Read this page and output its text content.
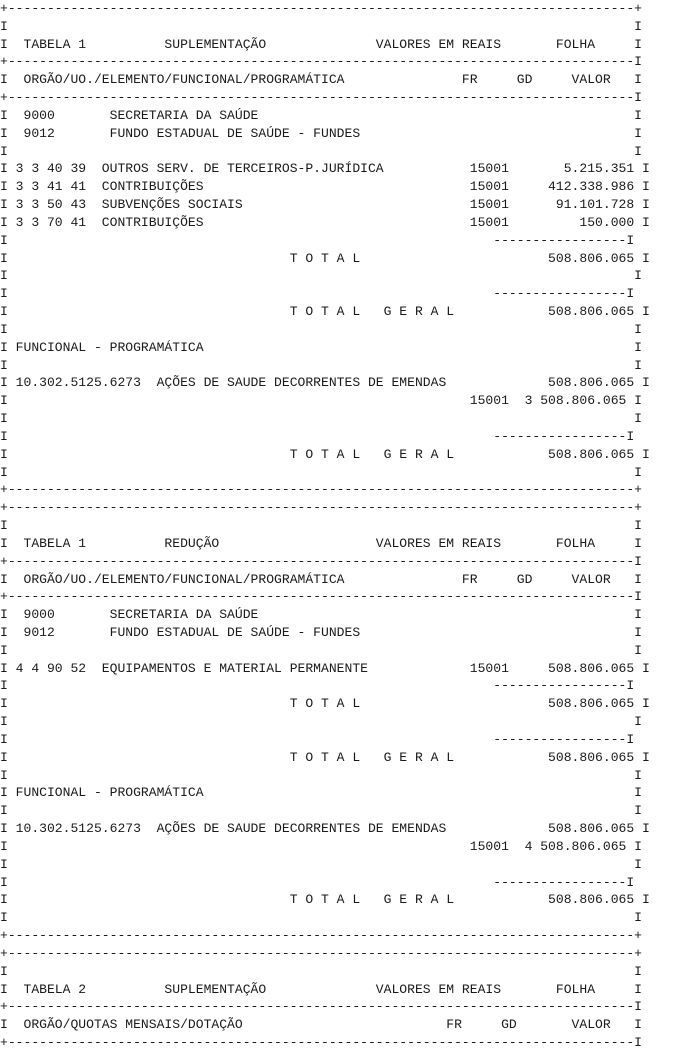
+--------------------------------------------------------------------------------+
I                                                                                I
I  TABELA 1          SUPLEMENTAÇÃO              VALORES EM REAIS       FOLHA     I
+--------------------------------------------------------------------------------I
I  ORGÃO/UO./ELEMENTO/FUNCIONAL/PROGRAMÁTICA               FR     GD     VALOR   I
+--------------------------------------------------------------------------------I
I  9000       SECRETARIA DA SAÚDE                                                I
I  9012       FUNDO ESTADUAL DE SAÚDE - FUNDES                                   I
I                                                                                I
I 3 3 40 39  OUTROS SERV. DE TERCEIROS-P.JURÍDICA           15001       5.215.351 I
I 3 3 41 41  CONTRIBUIÇÕES                                  15001     412.338.986 I
I 3 3 50 43  SUBVENÇÕES SOCIAIS                             15001      91.101.728 I
I 3 3 70 41  CONTRIBUIÇÕES                                  15001         150.000 I
I                                                              -----------------I
I                                    T O T A L                        508.806.065 I
I                                                                                I
I                                                              -----------------I
I                                    T O T A L   G E R A L            508.806.065 I
I                                                                                I
I FUNCIONAL - PROGRAMÁTICA                                                       I
I                                                                                I
I 10.302.5125.6273  AÇÕES DE SAUDE DECORRENTES DE EMENDAS             508.806.065 I
I                                                           15001  3 508.806.065 I
I                                                                                I
I                                                              -----------------I
I                                    T O T A L   G E R A L            508.806.065 I
I                                                                                I
+--------------------------------------------------------------------------------+
+--------------------------------------------------------------------------------+
I                                                                                I
I  TABELA 1          REDUÇÃO                    VALORES EM REAIS       FOLHA     I
+--------------------------------------------------------------------------------I
I  ORGÃO/UO./ELEMENTO/FUNCIONAL/PROGRAMÁTICA               FR     GD     VALOR   I
+--------------------------------------------------------------------------------I
I  9000       SECRETARIA DA SAÚDE                                                I
I  9012       FUNDO ESTADUAL DE SAÚDE - FUNDES                                   I
I                                                                                I
I 4 4 90 52  EQUIPAMENTOS E MATERIAL PERMANENTE             15001     508.806.065 I
I                                                              -----------------I
I                                    T O T A L                        508.806.065 I
I                                                                                I
I                                                              -----------------I
I                                    T O T A L   G E R A L            508.806.065 I
I                                                                                I
I FUNCIONAL - PROGRAMÁTICA                                                       I
I                                                                                I
I 10.302.5125.6273  AÇÕES DE SAUDE DECORRENTES DE EMENDAS             508.806.065 I
I                                                           15001  4 508.806.065 I
I                                                                                I
I                                                              -----------------I
I                                    T O T A L   G E R A L            508.806.065 I
I                                                                                I
+--------------------------------------------------------------------------------+
+--------------------------------------------------------------------------------+
I                                                                                I
I  TABELA 2          SUPLEMENTAÇÃO              VALORES EM REAIS       FOLHA     I
+--------------------------------------------------------------------------------I
I  ORGÃO/QUOTAS MENSAIS/DOTAÇÃO                          FR     GD       VALOR   I
+--------------------------------------------------------------------------------I
